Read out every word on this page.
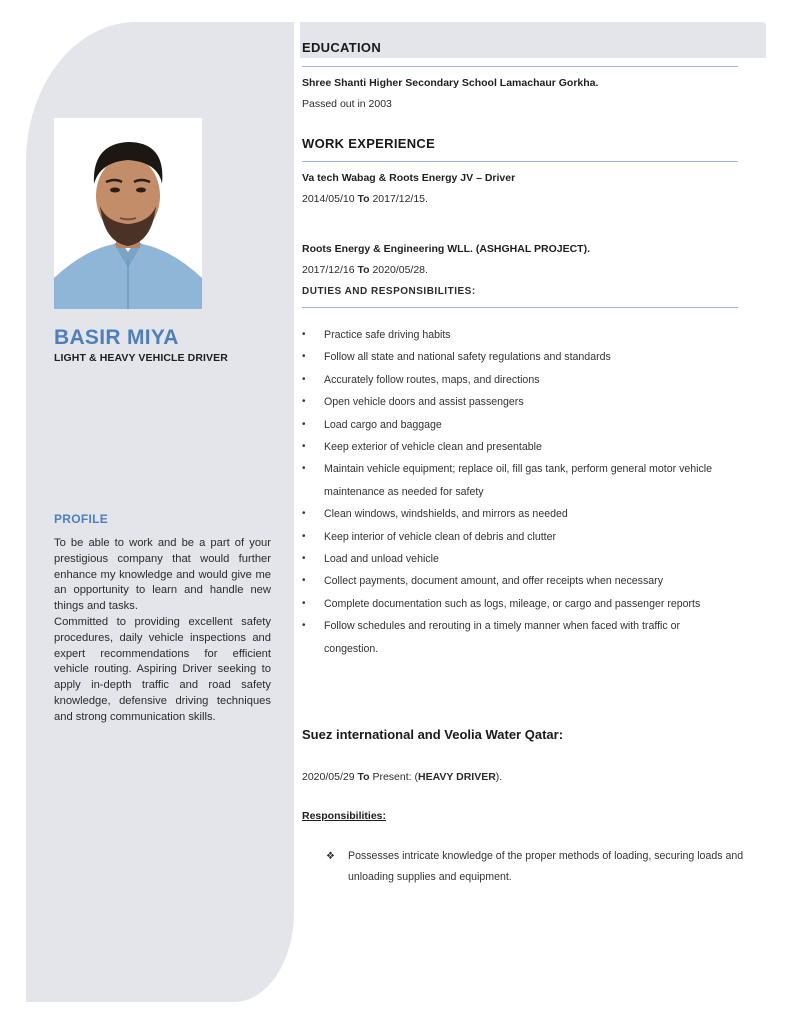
BASIR MIYA
LIGHT & HEAVY VEHICLE DRIVER
PROFILE

To be able to work and be a part of your prestigious company that would further enhance my knowledge and would give me an opportunity to learn and handle new things and tasks.

Committed to providing excellent safety procedures, daily vehicle inspections and expert recommendations for efficient vehicle routing. Aspiring Driver seeking to apply in-depth traffic and road safety knowledge, defensive driving techniques and strong communication skills.

EDUCATION
Shree Shanti Higher Secondary School Lamachaur Gorkha.
Passed out in 2003
WORK EXPERIENCE
Va tech Wabag & Roots Energy JV – Driver
2014/05/10 To 2017/12/15.
Roots Energy & Engineering WLL. (ASHGHAL PROJECT).
2017/12/16 To 2020/05/28.
DUTIES AND RESPONSIBILITIES:
• Practice safe driving habits
• Follow all state and national safety regulations and standards
• Accurately follow routes, maps, and directions
• Open vehicle doors and assist passengers
• Load cargo and baggage
• Keep exterior of vehicle clean and presentable
• Maintain vehicle equipment; replace oil, fill gas tank, perform general motor vehicle maintenance as needed for safety
• Clean windows, windshields, and mirrors as needed
• Keep interior of vehicle clean of debris and clutter
• Load and unload vehicle
• Collect payments, document amount, and offer receipts when necessary
• Complete documentation such as logs, mileage, or cargo and passenger reports
• Follow schedules and rerouting in a timely manner when faced with traffic or congestion.
Suez international and Veolia Water Qatar:
2020/05/29 To Present: (HEAVY DRIVER).
Responsibilities:
❖ Possesses intricate knowledge of the proper methods of loading, securing loads and unloading supplies and equipment.
